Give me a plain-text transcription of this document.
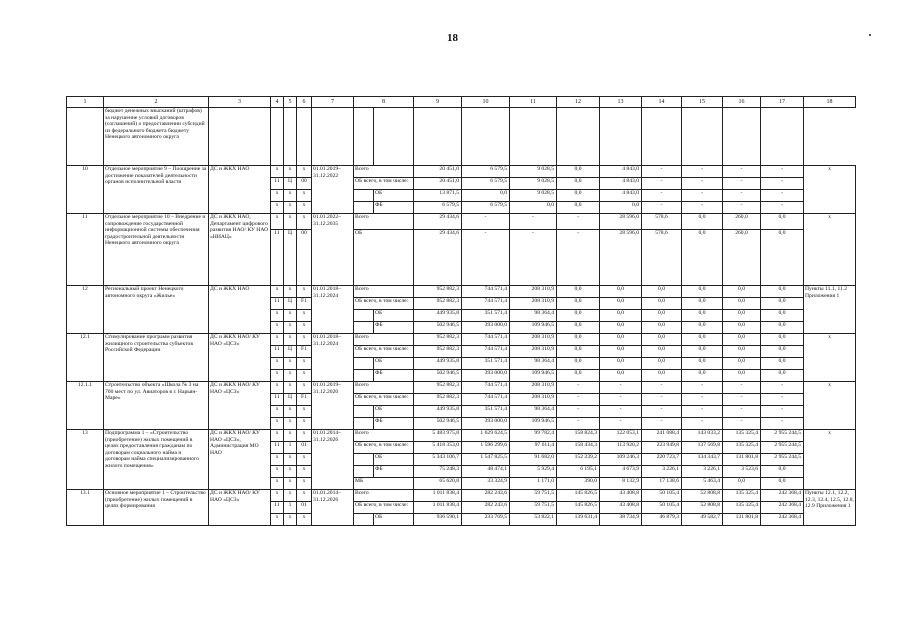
18
1	2	3	4	5	6	7	8		9	10	11	12	13	14	15	16	17	18
	бюджет денежных взысканий (штрафов) за нарушение условий договоров (соглашений) о предоставлении субсидий из федерального бюджета бюджету Ненецкого автономного округа																	
10	Отдельное мероприятие 9 – Поощрение за достижение показателей деятельности органов исполнительной власти	ДС и ЖКХ НАО	x	x	x	01.01.2019– 31.12.2022	Всего		20 451,0	6 579,5	9 028,5	0,0	4 843,0	-	-	-	-	x
			11	Ц	00		ОБ всего, в том числе:		20 451,0	6 579,5	9 028,5	0,0	4 843,0	-	-	-	-	
			x	x	x			ОБ	13 871,5	0,0	9 028,5	0,0	4 843,0	-	-	-	-	
			x	x	x			ФБ	6 579,5	6 579,5	0,0	0,0	0,0	-	-	-	-	
11	Отдельное мероприятие 10 – Внедрение и сопровождение государственной информационной системы обеспечения градостроительной деятельности Ненецкого автономного округа	ДС и ЖКХ НАО, Департамент цифрового развития НАО/ КУ НАО «НИАЦ»	x	x	x	01.01.2022– 31.12.2035	Всего		29 434,6	-	-	-	28 596,0	578,6	0,0	260,0	0,0	x
			11	Ц	00		ОБ		29 434,6	-	-	-	28 596,0	578,6	0,0	260,0	0,0	
12	Региональный проект Ненецкого автономного округа «Жилье»	ДС и ЖКХ НАО	x	x	x	01.01.2018– 31.12.2024	Всего		952 882,3	744 571,4	208 310,9	0,0	0,0	0,0	0,0	0,0	0,0	Пункты 11.1, 11.2 Приложения 1
			11	Ц	F1		ОБ всего, в том числе:		952 882,3	744 571,4	208 310,9	0,0	0,0	0,0	0,0	0,0	0,0	
			x	x	x			ОБ	449 935,8	351 571,4	98 364,4	0,0	0,0	0,0	0,0	0,0	0,0	
			x	x	x			ФБ	502 946,5	393 000,0	109 946,5	0,0	0,0	0,0	0,0	0,0	0,0	
12.1	Стимулирование программ развития жилищного строительства субъектов Российской Федерации	ДС и ЖКХ НАО/ КУ НАО «ЦСЗ»	x	x	x	01.01.2018– 31.12.2024	Всего		952 882,3	744 571,4	208 310,9	0,0	0,0	0,0	0,0	0,0	0,0	x
			11	Ц	F1		ОБ всего, в том числе:		952 882,3	744 571,4	208 310,9	0,0	0,0	0,0	0,0	0,0	0,0	
			x	x	x			ОБ	449 935,8	351 571,4	98 364,4	0,0	0,0	0,0	0,0	0,0	0,0	
			x	x	x			ФБ	502 946,5	393 000,0	109 946,5	0,0	0,0	0,0	0,0	0,0	0,0	
12.1.1	Строительство объекта «Школа № 3 на 700 мест по ул. Авиаторов в г. Нарьян-Маре»	ДС и ЖКХ НАО/ КУ НАО «ЦСЗ»	x	x	x	01.01.2019– 31.12.2020	Всего		952 882,3	744 571,4	208 310,9	-	-	-	-	-	-	x
			11	Ц	F1		ОБ всего, в том числе:		952 882,3	744 571,4	208 310,9	-	-	-	-	-	-	
			x	x	x			ОБ	449 935,8	351 571,4	98 364,4	-	-	-	-	-	-	
			x	x	x			ФБ	502 946,5	393 000,0	109 946,5	-	-	-	-	-	-	
13	Подпрограмма 1 – «Строительство (приобретение) жилых помещений в целях предоставления гражданам по договорам социального найма и договорам найма специализированного жилого помещения»	ДС и ЖКХ НАО/ КУ НАО «ЦСЗ», Администрация МО НАО	x	x	x	01.01.2014– 31.12.2026	Всего		5 483 975,8	1 629 624,5	99 782,4	158 824,3	122 053,1	241 088,4	143 033,2	135 325,4	2 955 244,5	x
			11	1	01		ОБ всего, в том числе:		5 418 353,0	1 596 299,6	97 611,4	158 434,3	113 920,2	223 949,8	137 569,8	135 325,4	2 955 244,5	
			x	x	x			ОБ	5 343 106,7	1 547 825,5	91 682,0	152 239,2	109 246,3	220 723,7	134 343,7	131 801,8	2 955 244,5	
			x	x	x			ФБ	75 248,3	48 474,1	5 929,4	6 195,1	4 673,9	3 226,1	3 226,1	3 523,6	0,0	
			x	x	x		МБ		65 620,8	33 324,9	1 171,0	390,0	8 132,9	17 138,6	5 463,4	0,0	0,0	
13.1	Основное мероприятие 1 – Строительство (приобретение) жилых помещений в целях формирования	ДС и ЖКХ НАО/ КУ НАО «ЦСЗ»	x	x	x	01.01.2014– 31.12.2026	Всего		1 011 838,4	282 243,6	59 751,5	145 826,5	43 408,8	50 105,4	52 808,8	135 325,4	242 368,4	Пункты 12.1, 12.2, 12.3, 12.4, 12.5, 12.8, 12.9 Приложения 1
			11	1	01		ОБ всего, в том числе:		1 011 838,4	282 243,6	59 751,5	145 826,5	43 408,8	50 105,4	52 808,8	135 325,4	242 368,4	
			x	x	x			ОБ	936 590,1	233 769,5	53 822,1	139 631,4	38 734,9	46 879,3	49 582,7	131 801,8	242 368,4	
